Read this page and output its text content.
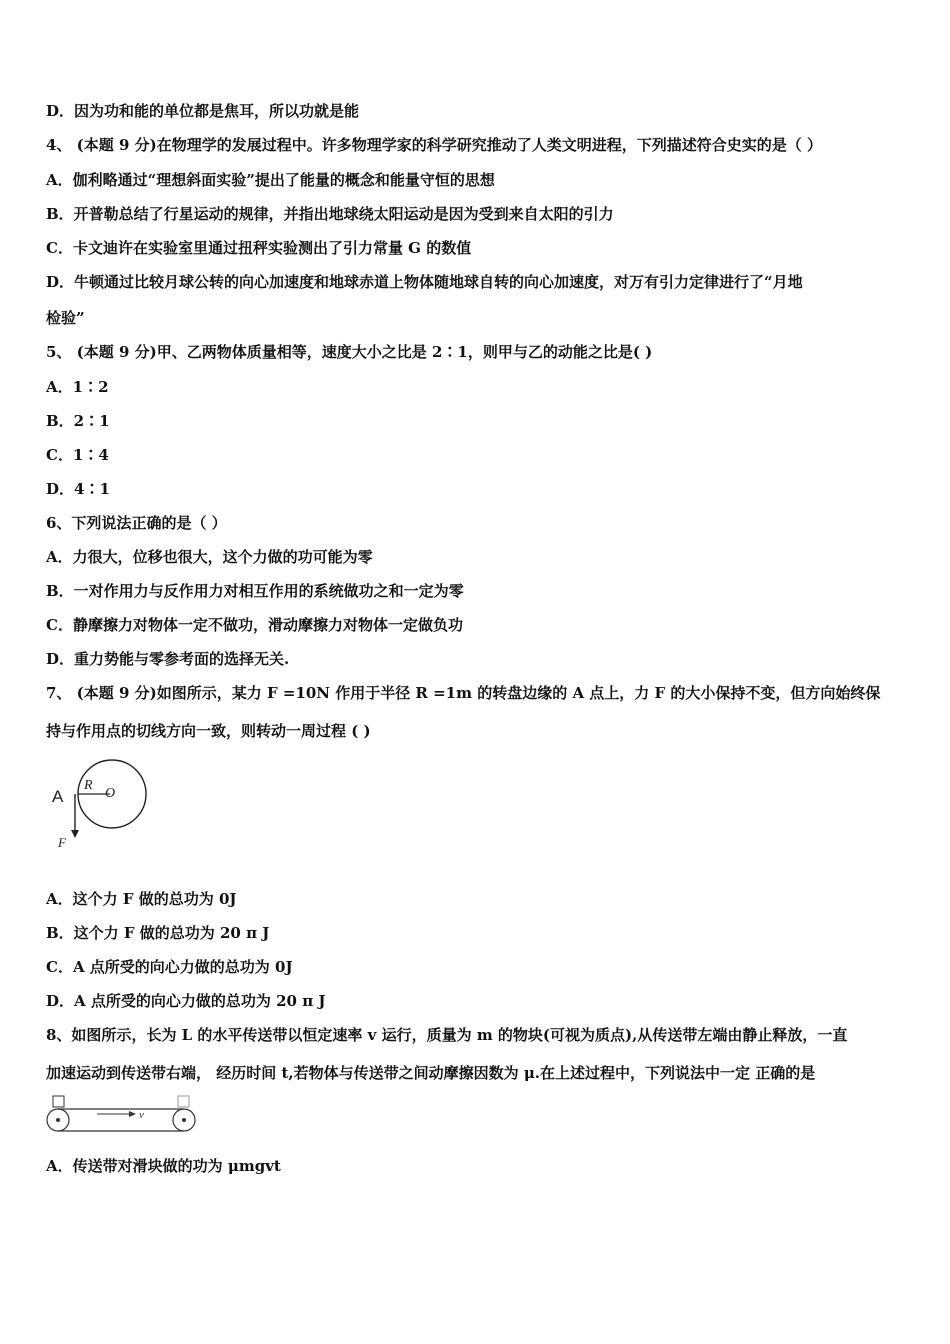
D．因为功和能的单位都是焦耳，所以功就是能
4、 (本题 9 分)在物理学的发展过程中。许多物理学家的科学研究推动了人类文明进程，下列描述符合史实的是（ ）
A．伽利略通过“理想斜面实验”提出了能量的概念和能量守恒的思想
B．开普勒总结了行星运动的规律，并指出地球绕太阳运动是因为受到来自太阳的引力
C．卡文迪许在实验室里通过扭秤实验测出了引力常量 G 的数值
D．牛顿通过比较月球公转的向心加速度和地球赤道上物体随地球自转的向心加速度，对万有引力定律进行了“月地
检验”
5、 (本题 9 分)甲、乙两物体质量相等，速度大小之比是 2∶1，则甲与乙的动能之比是( )
A．1∶2
B．2∶1
C．1∶4
D．4∶1
6、下列说法正确的是（ ）
A．力很大，位移也很大，这个力做的功可能为零
B．一对作用力与反作用力对相互作用的系统做功之和一定为零
C．静摩擦力对物体一定不做功，滑动摩擦力对物体一定做负功
D．重力势能与零参考面的选择无关.
7、 (本题 9 分)如图所示，某力 F =10N 作用于半径 R =1m 的转盘边缘的 A 点上，力 F 的大小保持不变，但方向始终保
持与作用点的切线方向一致，则转动一周过程 ( )
A
R
O
F
A．这个力 F 做的总功为 0J
B．这个力 F 做的总功为 20 π J
C．A 点所受的向心力做的总功为 0J
D．A 点所受的向心力做的总功为 20 π J
8、如图所示，长为 L 的水平传送带以恒定速率 v 运行，质量为 m 的物块(可视为质点),从传送带左端由静止释放，一直
加速运动到传送带右端， 经历时间 t,若物体与传送带之间动摩擦因数为 μ.在上述过程中，下列说法中一定 正确的是
v
A．传送带对滑块做的功为 μmgvt
